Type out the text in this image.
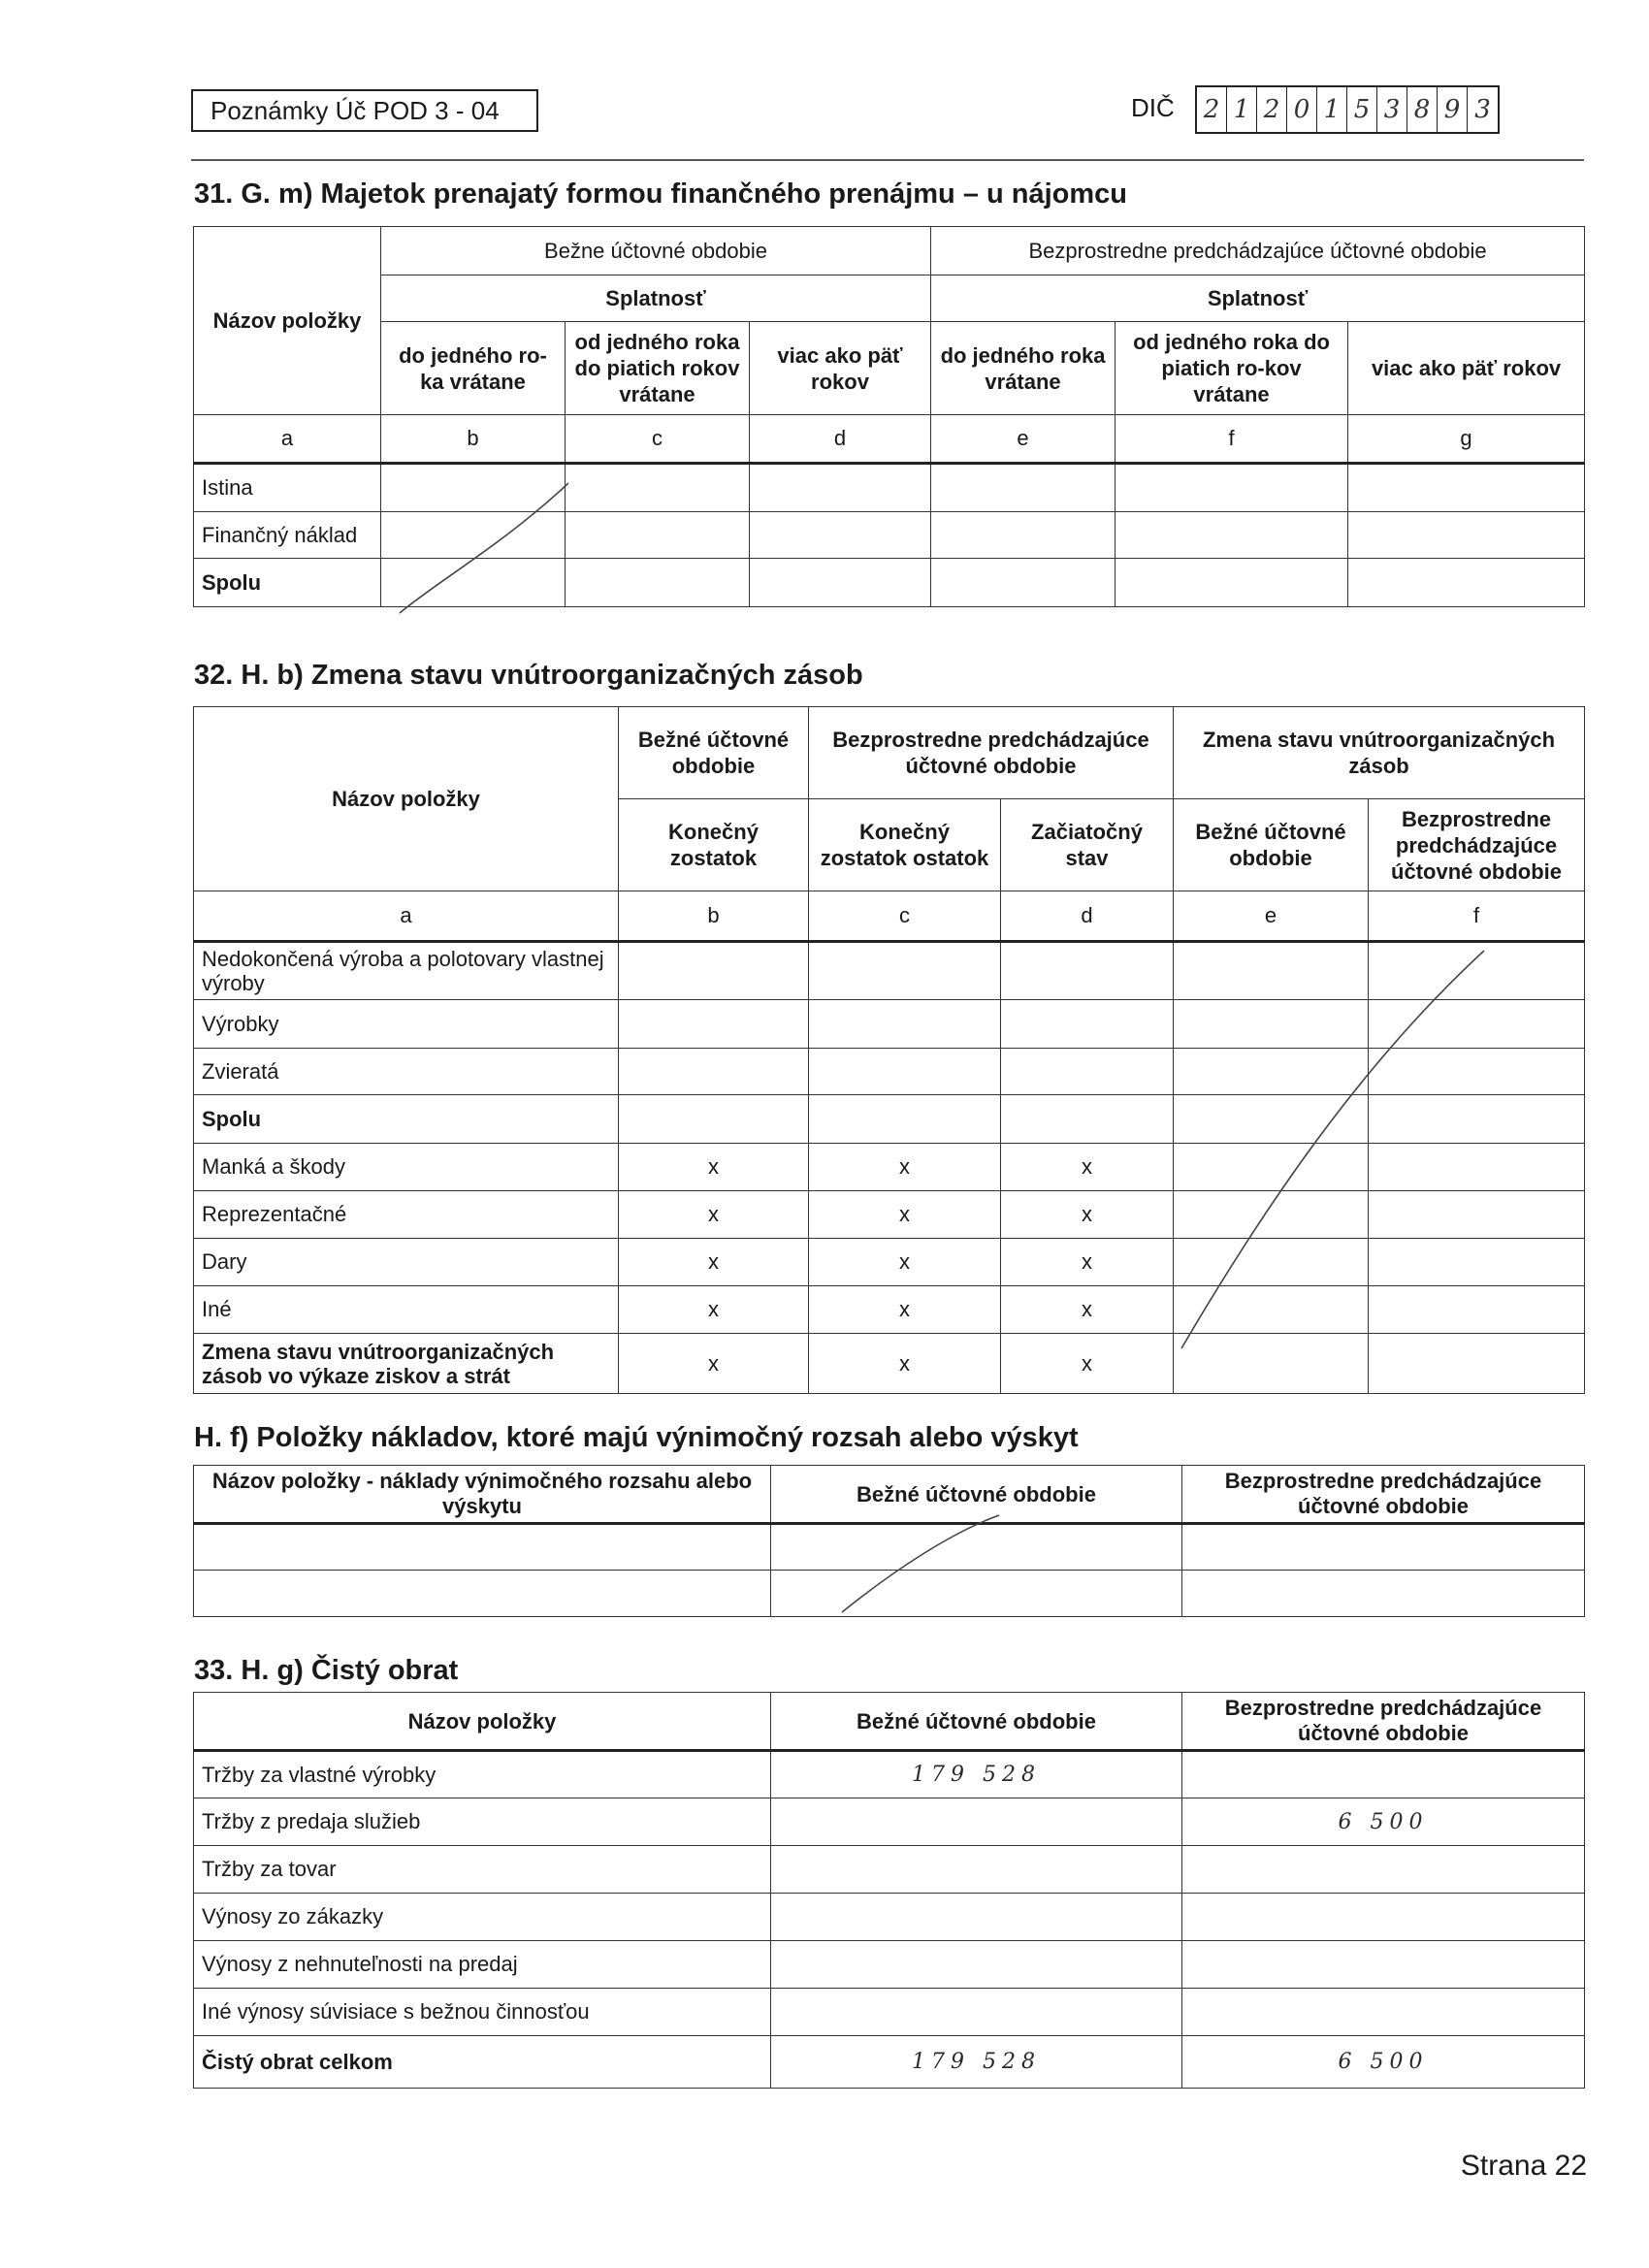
Poznámky Úč POD 3 - 04	DIČ 2 1 2 0 1 5 3 8 9 3
31. G. m) Majetok prenajatý formou finančného prenájmu – u nájomcu
Názov položky	Bežne účtovné obdobie			Bezprostredne predchádzajúce účtovné obdobie		
	Splatnosť			Splatnosť		
	do jedného ro-ka vrátane	od jedného roka do piatich rokov vrátane	viac ako päť rokov	do jedného roka vrátane	od jedného roka do piatich ro-kov vrátane	viac ako päť rokov
a	b	c	d	e	f	g
Istina						
Finančný náklad						
Spolu						
32. H. b) Zmena stavu vnútroorganizačných zásob
Názov položky	Bežné účtovné obdobie	Bezprostredne predchádzajúce účtovné obdobie		Zmena stavu vnútroorganizačných zásob	
	Konečný zostatok	Konečný zostatok ostatok	Začiatočný stav	Bežné účtovné obdobie	Bezprostredne predchádzajúce účtovné obdobie
a	b	c	d	e	f
Nedokončená výroba a polotovary vlastnej výroby					
Výrobky					
Zvieratá					
Spolu					
Manká a škody	x	x	x		
Reprezentačné	x	x	x		
Dary	x	x	x		
Iné	x	x	x		
Zmena stavu vnútroorganizačných zásob vo výkaze ziskov a strát	x	x	x		
H. f) Položky nákladov, ktoré majú výnimočný rozsah alebo výskyt
Názov položky - náklady výnimočného rozsahu alebo výskytu	Bežné účtovné obdobie	Bezprostredne predchádzajúce účtovné obdobie

33. H. g) Čistý obrat
Názov položky	Bežné účtovné obdobie	Bezprostredne predchádzajúce účtovné obdobie
Tržby za vlastné výrobky	179 528	
Tržby z predaja služieb		6 500
Tržby za tovar		
Výnosy zo zákazky		
Výnosy z nehnuteľnosti na predaj		
Iné výnosy súvisiace s bežnou činnosťou		
Čistý obrat celkom	179 528	6 500
Strana 22
